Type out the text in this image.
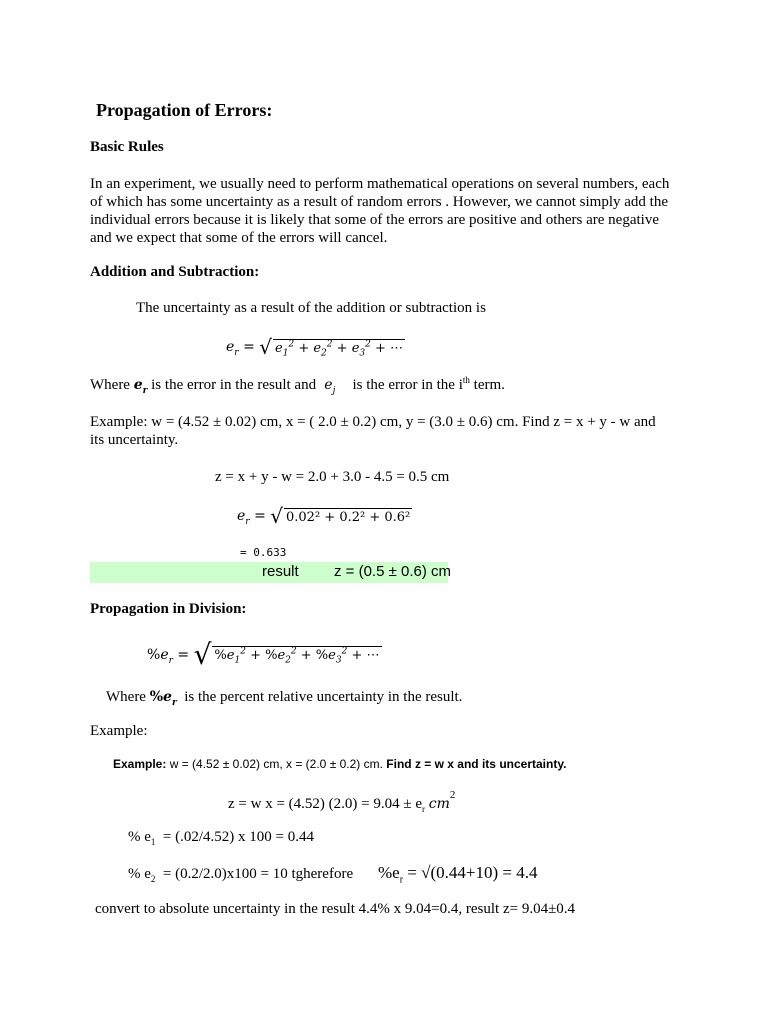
Propagation of Errors:
Basic Rules
In an experiment, we usually need to perform mathematical operations on several numbers, each of which has some uncertainty as a result of random errors . However, we cannot simply add the individual errors because it is likely that some of the errors are positive and others are negative and we expect that some of the errors will cancel.
Addition and Subtraction:
The uncertainty as a result of the addition or subtraction is
$e_r$ = √ $e_1^2 + e_2^2 + e_3^2$ + ⋯
Where $e_r$ is the error in the result and  $e_j$ is the error in the $i^{th}$ term.
Example: w = (4.52 ± 0.02) cm, x = ( 2.0 ± 0.2) cm, y = (3.0 ± 0.6) cm. Find z = x + y - w and
its uncertainty.
z = x + y - w = 2.0 + 3.0 - 4.5 = 0.5 cm
$e_r$ = √ 0.02² + 0.2² + 0.6²
= 0.633
result z = (0.5 ± 0.6) cm
Propagation in Division:
$\%e_r$ = √ $\%e_1^2 + \%e_2^2 + \%e_3^2$ + ⋯
Where $\%e_r$ is the percent relative uncertainty in the result.
Example:
Example: w = (4.52 ± 0.02) cm, x = (2.0 ± 0.2) cm. Find z = w x and its uncertainty.
z = w x = (4.52) $(2.0) = 9.04 \pm e_r$ $cm^2$
% $e_1 = (.02/4.52)$ x 100 = 0.44
% $e_2 = (0.2/2.0)x100 = 10$ tgherefore $\%e_r = √(0.44+10) = 4.4$
convert to absolute uncertainty in the result 4.4% x 9.04=0.4, result z= 9.04±0.4
